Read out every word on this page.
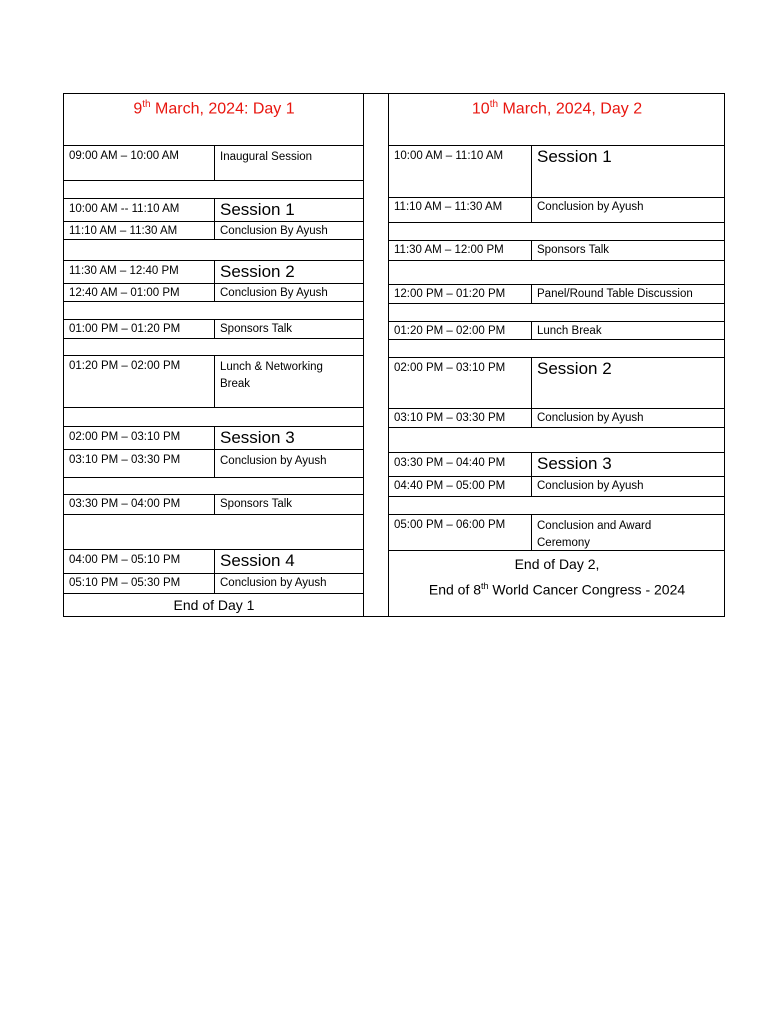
9th March, 2024: Day 1
09:00 AM – 10:00 AM	Inaugural Session
10:00 AM -- 11:10 AM	Session 1
11:10 AM – 11:30 AM	Conclusion By Ayush
11:30 AM – 12:40 PM	Session 2
12:40 AM – 01:00 PM	Conclusion By Ayush
01:00 PM – 01:20 PM	Sponsors Talk
01:20 PM – 02:00 PM	Lunch & Networking Break
02:00 PM – 03:10 PM	Session 3
03:10 PM – 03:30 PM	Conclusion by Ayush
03:30 PM – 04:00 PM	Sponsors Talk
04:00 PM – 05:10 PM	Session 4
05:10 PM – 05:30 PM	Conclusion by Ayush
End of Day 1
10th March, 2024, Day 2
10:00 AM – 11:10 AM	Session 1
11:10 AM – 11:30 AM	Conclusion by Ayush
11:30 AM – 12:00 PM	Sponsors Talk
12:00 PM – 01:20 PM	Panel/Round Table Discussion
01:20 PM – 02:00 PM	Lunch Break
02:00 PM – 03:10 PM	Session 2
03:10 PM – 03:30 PM	Conclusion by Ayush
03:30 PM – 04:40 PM	Session 3
04:40 PM – 05:00 PM	Conclusion by Ayush
05:00 PM – 06:00 PM	Conclusion and Award Ceremony
End of Day 2,
End of 8th World Cancer Congress - 2024
